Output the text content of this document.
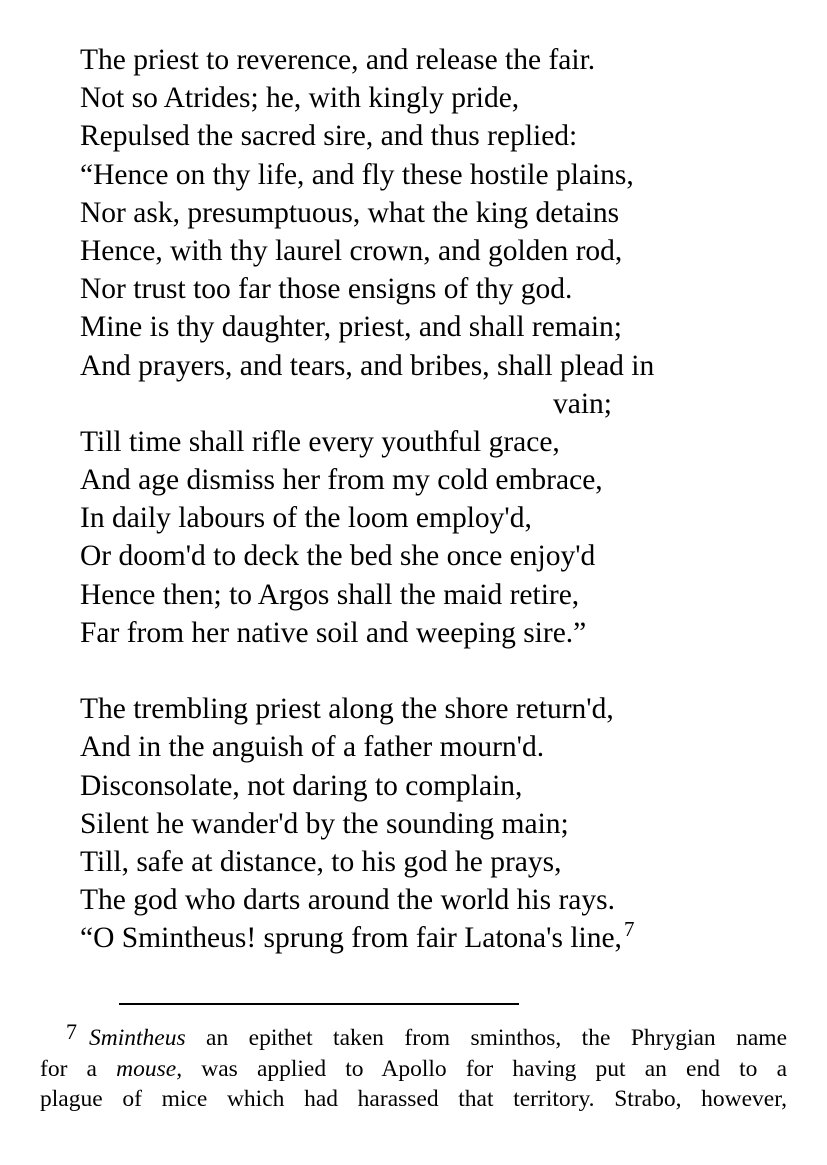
The priest to reverence, and release the fair.
Not so Atrides; he, with kingly pride,
Repulsed the sacred sire, and thus replied:
“Hence on thy life, and fly these hostile plains,
Nor ask, presumptuous, what the king detains
Hence, with thy laurel crown, and golden rod,
Nor trust too far those ensigns of thy god.
Mine is thy daughter, priest, and shall remain;
And prayers, and tears, and bribes, shall plead in
vain;
Till time shall rifle every youthful grace,
And age dismiss her from my cold embrace,
In daily labours of the loom employ'd,
Or doom'd to deck the bed she once enjoy'd
Hence then; to Argos shall the maid retire,
Far from her native soil and weeping sire.”
The trembling priest along the shore return'd,
And in the anguish of a father mourn'd.
Disconsolate, not daring to complain,
Silent he wander'd by the sounding main;
Till, safe at distance, to his god he prays,
The god who darts around the world his rays.
“O Smintheus! sprung from fair Latona's line,$^7$
7 Smintheus an epithet taken from sminthos, the Phrygian name
for a mouse, was applied to Apollo for having put an end to a
plague of mice which had harassed that territory. Strabo, however,
